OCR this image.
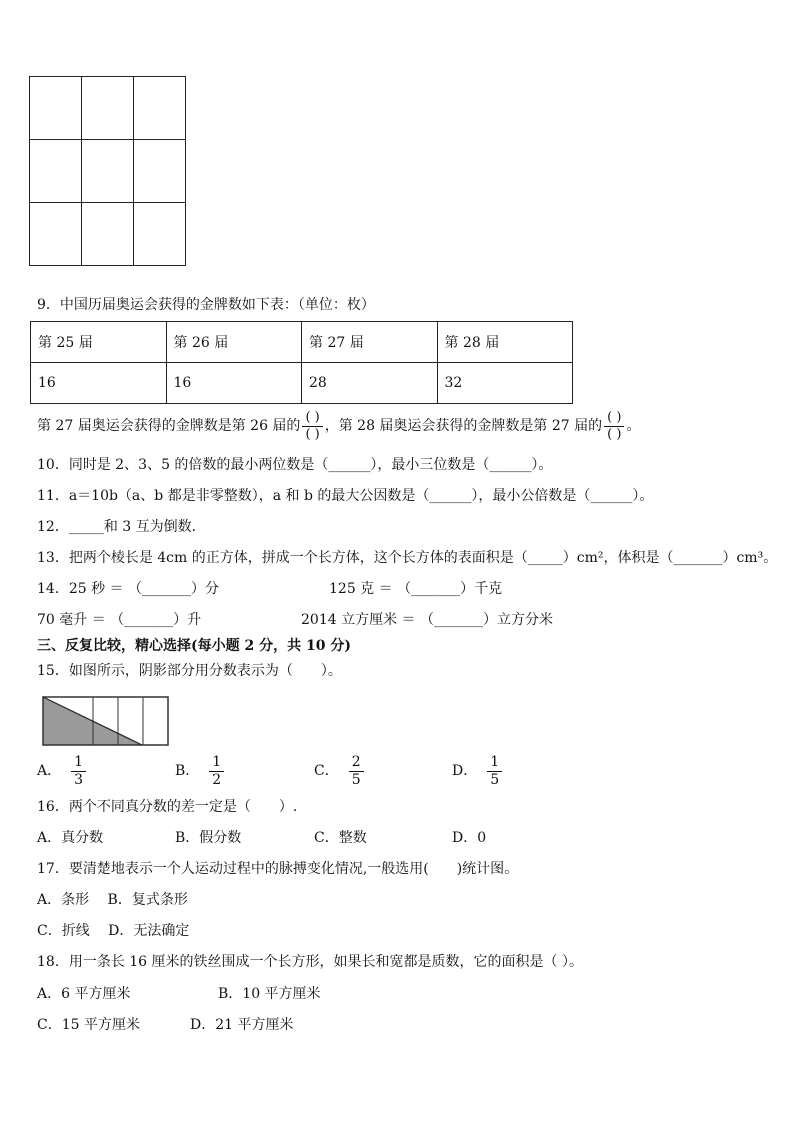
9．中国历届奥运会获得的金牌数如下表：（单位：枚）
第 25 届	第 26 届	第 27 届	第 28 届
16	16	28	32
第 27 届奥运会获得的金牌数是第 26 届的 $\frac{( )}{( )}$ ，第 28 届奥运会获得的金牌数是第 27 届的 $\frac{( )}{( )}$ 。
10．同时是 2、3、5 的倍数的最小两位数是（______），最小三位数是（______）。
11．a＝10b（a、b 都是非零整数），a 和 b 的最大公因数是（______），最小公倍数是（______）。
12．_____和 3 互为倒数．
13．把两个棱长是 4cm 的正方体，拼成一个长方体，这个长方体的表面积是（_____）cm²，体积是（_______）cm³。
14．25 秒 ＝ （_______）分	125 克 ＝ （_______）千克
70 毫升 ＝ （_______）升	2014 立方厘米 ＝ （_______）立方分米
三、反复比较，精心选择(每小题 2 分，共 10 分)
15．如图所示，阴影部分用分数表示为（　　）。
A． $\frac{1}{3}$	B． $\frac{1}{2}$	C． $\frac{2}{5}$	D． $\frac{1}{5}$
16．两个不同真分数的差一定是（　　）.
A．真分数	B．假分数	C．整数	D．0
17．要清楚地表示一个人运动过程中的脉搏变化情况,一般选用(　　)统计图。
A．条形　 B．复式条形
C．折线　 D．无法确定
18．用一条长 16 厘米的铁丝围成一个长方形，如果长和宽都是质数，它的面积是（ ）。
A．6 平方厘米	B．10 平方厘米
C．15 平方厘米	D．21 平方厘米
